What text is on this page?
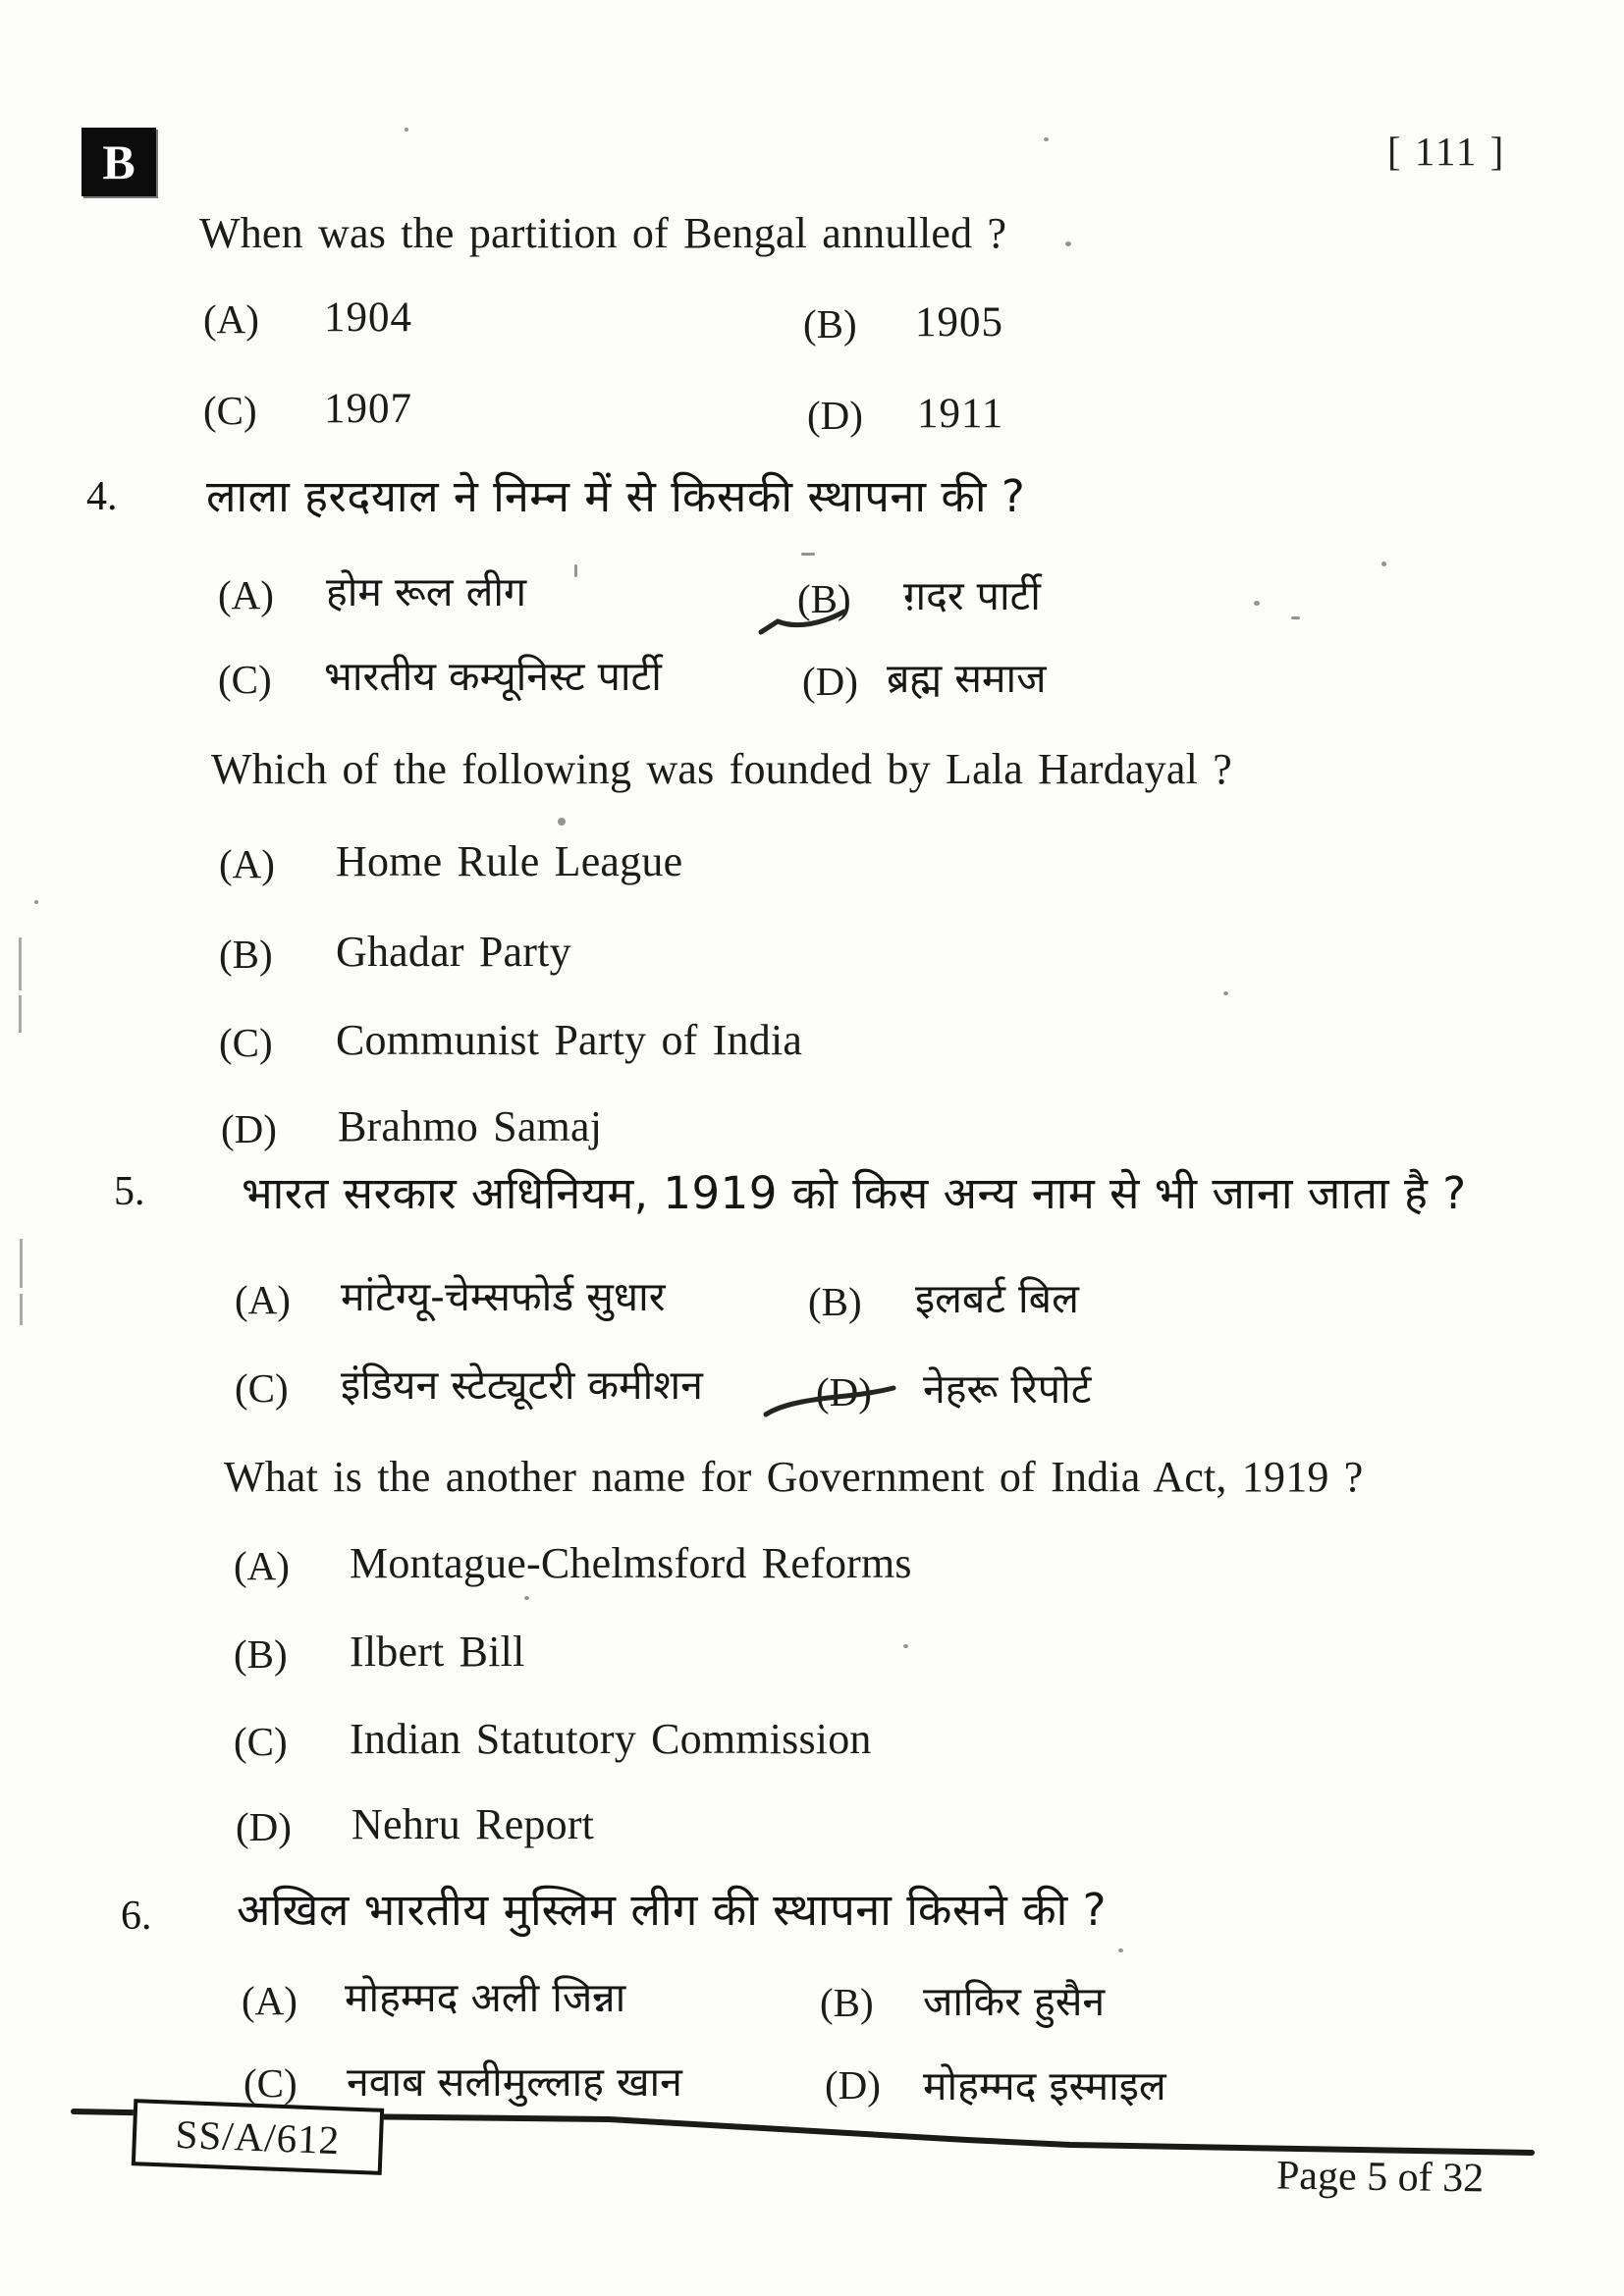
B	[ 111 ]
When was the partition of Bengal annulled ?
(A) 1904	(B) 1905
(C) 1907	(D) 1911
4. लाला हरदयाल ने निम्न में से किसकी स्थापना की ?
(A) होम रूल लीग	(B) ग़दर पार्टी
(C) भारतीय कम्यूनिस्ट पार्टी	(D) ब्रह्म समाज
Which of the following was founded by Lala Hardayal ?
(A) Home Rule League
(B) Ghadar Party
(C) Communist Party of India
(D) Brahmo Samaj
5. भारत सरकार अधिनियम, 1919 को किस अन्य नाम से भी जाना जाता है ?
(A) मांटेग्यू-चेम्सफोर्ड सुधार	(B) इलबर्ट बिल
(C) इंडियन स्टेट्यूटरी कमीशन	(D) नेहरू रिपोर्ट
What is the another name for Government of India Act, 1919 ?
(A) Montague-Chelmsford Reforms
(B) Ilbert Bill
(C) Indian Statutory Commission
(D) Nehru Report
6. अखिल भारतीय मुस्लिम लीग की स्थापना किसने की ?
(A) मोहम्मद अली जिन्ना	(B) जाकिर हुसैन
(C) नवाब सलीमुल्लाह खान	(D) मोहम्मद इस्माइल
SS/A/612
Page 5 of 32
